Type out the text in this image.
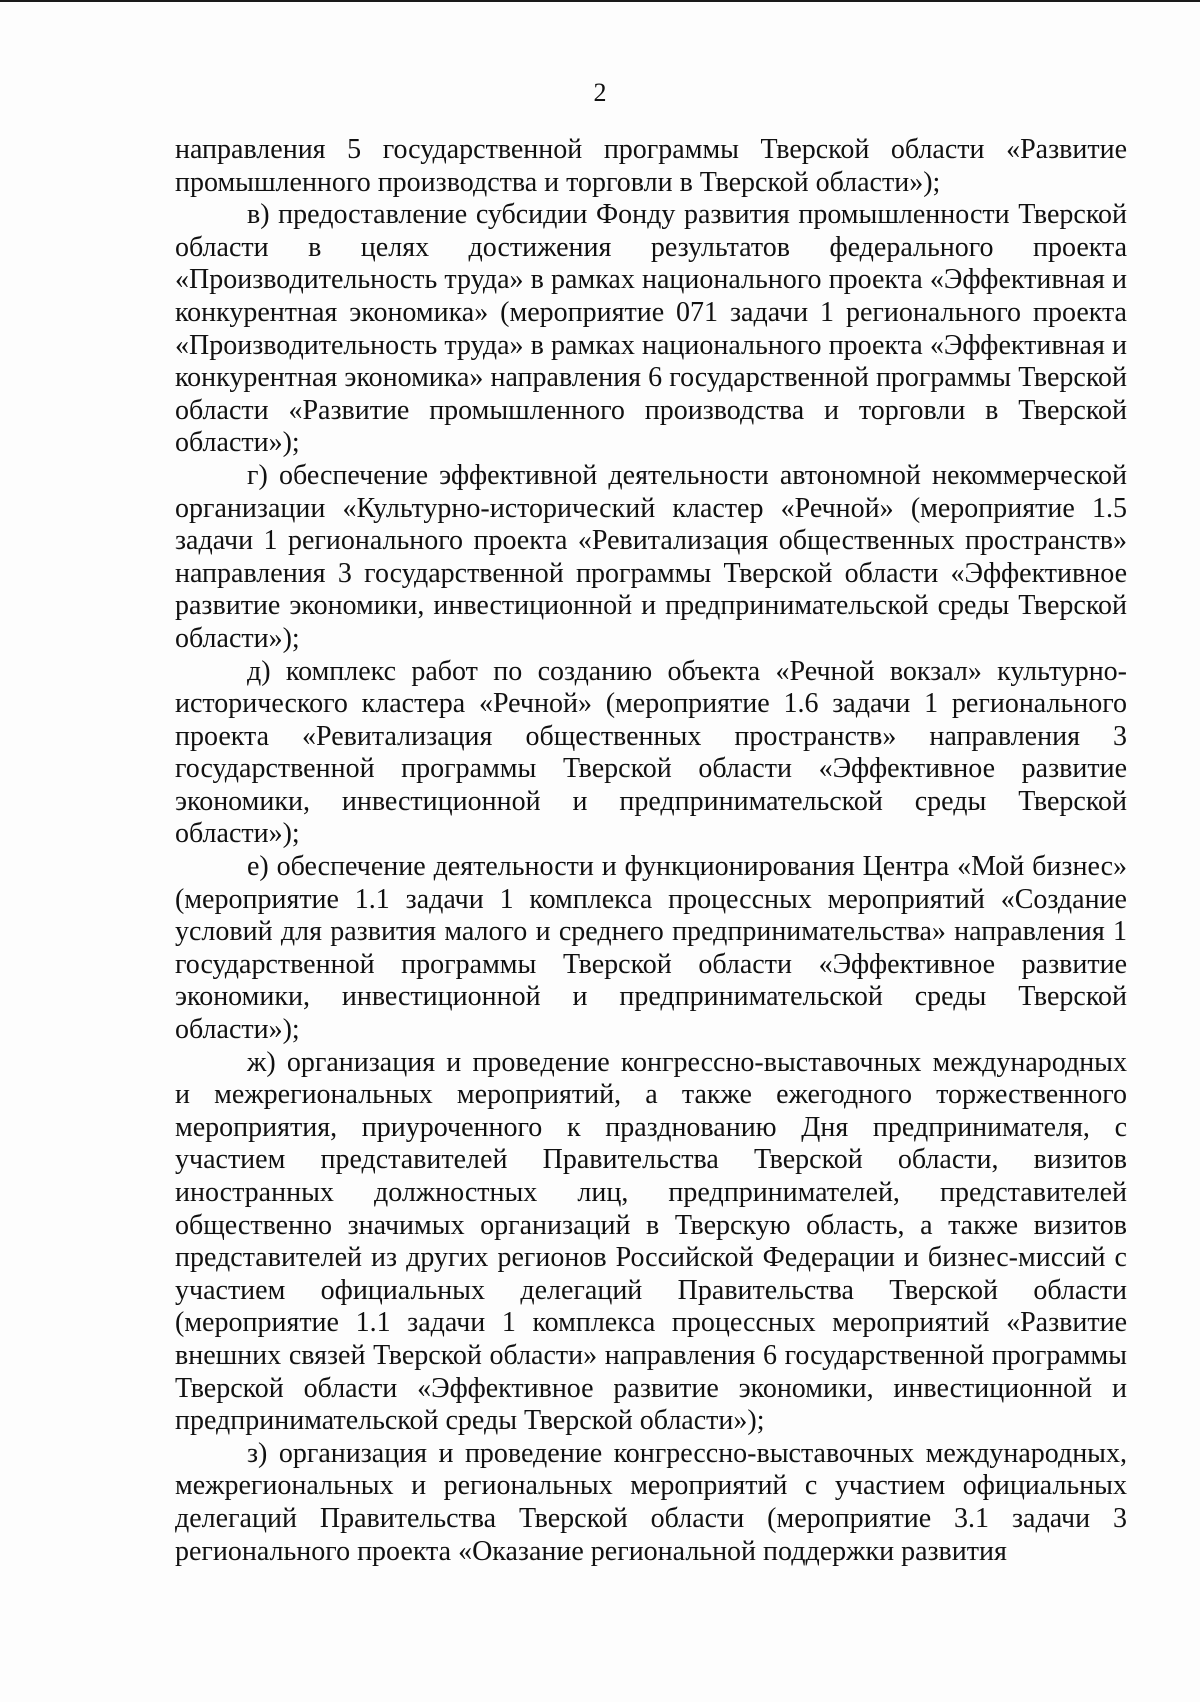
2

направления 5 государственной программы Тверской области «Развитие промышленного производства и торговли в Тверской области»);

в) предоставление субсидии Фонду развития промышленности Тверской области в целях достижения результатов федерального проекта «Производительность труда» в рамках национального проекта «Эффективная и конкурентная экономика» (мероприятие 071 задачи 1 регионального проекта «Производительность труда» в рамках национального проекта «Эффективная и конкурентная экономика» направления 6 государственной программы Тверской области «Развитие промышленного производства и торговли в Тверской области»);

г) обеспечение эффективной деятельности автономной некоммерческой организации «Культурно-исторический кластер «Речной» (мероприятие 1.5 задачи 1 регионального проекта «Ревитализация общественных пространств» направления 3 государственной программы Тверской области «Эффективное развитие экономики, инвестиционной и предпринимательской среды Тверской области»);

д) комплекс работ по созданию объекта «Речной вокзал» культурно-исторического кластера «Речной» (мероприятие 1.6 задачи 1 регионального проекта «Ревитализация общественных пространств» направления 3 государственной программы Тверской области «Эффективное развитие экономики, инвестиционной и предпринимательской среды Тверской области»);

е) обеспечение деятельности и функционирования Центра «Мой бизнес» (мероприятие 1.1 задачи 1 комплекса процессных мероприятий «Создание условий для развития малого и среднего предпринимательства» направления 1 государственной программы Тверской области «Эффективное развитие экономики, инвестиционной и предпринимательской среды Тверской области»);

ж) организация и проведение конгрессно-выставочных международных и межрегиональных мероприятий, а также ежегодного торжественного мероприятия, приуроченного к празднованию Дня предпринимателя, с участием представителей Правительства Тверской области, визитов иностранных должностных лиц, предпринимателей, представителей общественно значимых организаций в Тверскую область, а также визитов представителей из других регионов Российской Федерации и бизнес-миссий с участием официальных делегаций Правительства Тверской области (мероприятие 1.1 задачи 1 комплекса процессных мероприятий «Развитие внешних связей Тверской области» направления 6 государственной программы Тверской области «Эффективное развитие экономики, инвестиционной и предпринимательской среды Тверской области»);

з) организация и проведение конгрессно-выставочных международных, межрегиональных и региональных мероприятий с участием официальных делегаций Правительства Тверской области (мероприятие 3.1 задачи 3 регионального проекта «Оказание региональной поддержки развития
